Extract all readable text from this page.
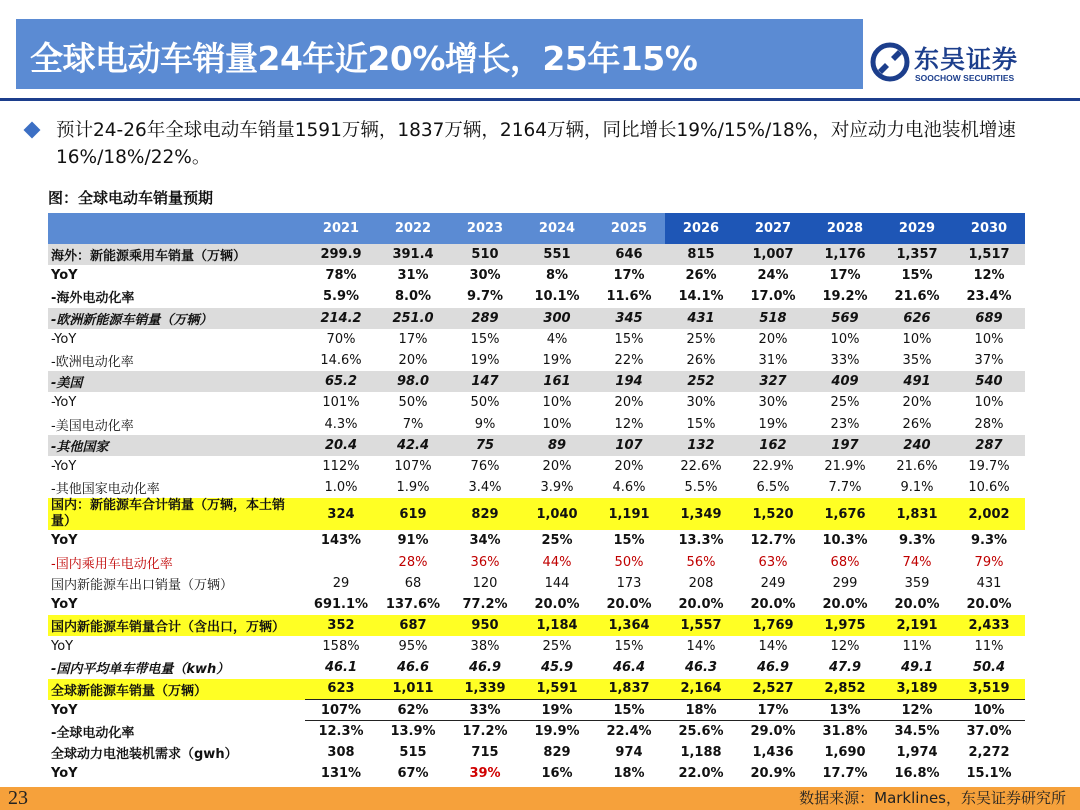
全球电动车销量24年近20%增长，25年15%	东吴证券
SOOCHOW SECURITIES
预计24-26年全球电动车销量1591万辆，1837万辆，2164万辆，同比增长19%/15%/18%，对应动力电池装机增速16%/18%/22%。
图：全球电动车销量预期
	2021	2022	2023	2024	2025	2026	2027	2028	2029	2030
海外：新能源乘用车销量（万辆）	299.9	391.4	510	551	646	815	1,007	1,176	1,357	1,517
YoY	78%	31%	30%	8%	17%	26%	24%	17%	15%	12%
-海外电动化率	5.9%	8.0%	9.7%	10.1%	11.6%	14.1%	17.0%	19.2%	21.6%	23.4%
-欧洲新能源车销量（万辆）	214.2	251.0	289	300	345	431	518	569	626	689
-YoY	70%	17%	15%	4%	15%	25%	20%	10%	10%	10%
-欧洲电动化率	14.6%	20%	19%	19%	22%	26%	31%	33%	35%	37%
-美国	65.2	98.0	147	161	194	252	327	409	491	540
-YoY	101%	50%	50%	10%	20%	30%	30%	25%	20%	10%
-美国电动化率	4.3%	7%	9%	10%	12%	15%	19%	23%	26%	28%
-其他国家	20.4	42.4	75	89	107	132	162	197	240	287
-YoY	112%	107%	76%	20%	20%	22.6%	22.9%	21.9%	21.6%	19.7%
-其他国家电动化率	1.0%	1.9%	3.4%	3.9%	4.6%	5.5%	6.5%	7.7%	9.1%	10.6%
国内：新能源车合计销量（万辆，本土销量）	324	619	829	1,040	1,191	1,349	1,520	1,676	1,831	2,002
YoY	143%	91%	34%	25%	15%	13.3%	12.7%	10.3%	9.3%	9.3%
-国内乘用车电动化率		28%	36%	44%	50%	56%	63%	68%	74%	79%
国内新能源车出口销量（万辆）	29	68	120	144	173	208	249	299	359	431
YoY	691.1%	137.6%	77.2%	20.0%	20.0%	20.0%	20.0%	20.0%	20.0%	20.0%
国内新能源车销量合计（含出口，万辆）	352	687	950	1,184	1,364	1,557	1,769	1,975	2,191	2,433
YoY	158%	95%	38%	25%	15%	14%	14%	12%	11%	11%
-国内平均单车带电量（kwh）	46.1	46.6	46.9	45.9	46.4	46.3	46.9	47.9	49.1	50.4
全球新能源车销量（万辆）	623	1,011	1,339	1,591	1,837	2,164	2,527	2,852	3,189	3,519
YoY	107%	62%	33%	19%	15%	18%	17%	13%	12%	10%
-全球电动化率	12.3%	13.9%	17.2%	19.9%	22.4%	25.6%	29.0%	31.8%	34.5%	37.0%
全球动力电池装机需求（gwh）	308	515	715	829	974	1,188	1,436	1,690	1,974	2,272
YoY	131%	67%	39%	16%	18%	22.0%	20.9%	17.7%	16.8%	15.1%
23	数据来源：Marklines，东吴证券研究所
